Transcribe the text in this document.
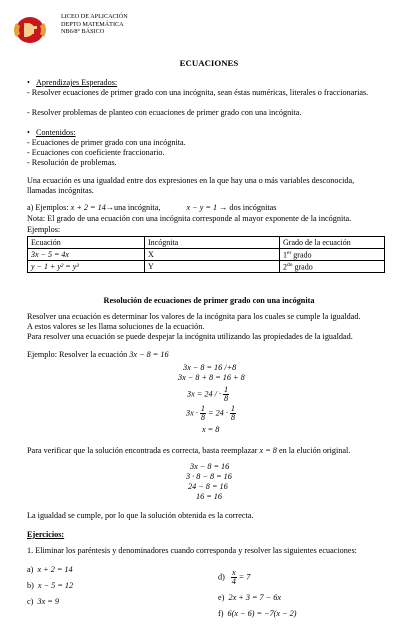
LICEO DE APLICACIÓN
DEPTO MATEMÁTICA
NB6/8° BÁSICO
ECUACIONES
• Aprendizajes Esperados:
- Resolver ecuaciones de primer grado con una incógnita, sean éstas numéricas, literales o fraccionarias.
- Resolver problemas de planteo con ecuaciones de primer grado con una incógnita.
• Contenidos:
- Ecuaciones de primer grado con una incógnita.
- Ecuaciones con coeficiente fraccionario.
- Resolución de problemas.
Una ecuación es una igualdad entre dos expresiones en la que hay una o más variables desconocida, llamadas incógnitas.
a) Ejemplos: x + 2 = 14→una incógnita,	x − y = 1 → dos incógnitas
Nota: El grado de una ecuación con una incógnita corresponde al mayor exponente de la incógnita.
Ejemplos:
Ecuación	Incógnita	Grado de la ecuación
3x − 5 = 4x	X	1er grado
y − 1 + y² = y³	Y	$2^{do}$ grado
Resolución de ecuaciones de primer grado con una incógnita
Resolver una ecuación es determinar los valores de la incógnita para los cuales se cumple la igualdad.
A estos valores se les llama soluciones de la ecuación.
Para resolver una ecuación se puede despejar la incógnita utilizando las propiedades de la igualdad.
Ejemplo: Resolver la ecuación 3x − 8 = 16
3x − 8 = 16 /+8
3x − 8 + 8 = 16 + 8
3x = 24 / · $\frac{1}{8}$
$3x \cdot \frac{1}{8} = 24 \cdot \frac{1}{8}$
x = 8
Para verificar que la solución encontrada es correcta, basta reemplazar x = 8 en la elución original.
3x − 8 = 16
3 · 8 − 8 = 16
24 − 8 = 16
16 = 16
La igualdad se cumple, por lo que la solución obtenida es la correcta.
Ejercicios:
1. Eliminar los paréntesis y denominadores cuando corresponda y resolver las siguientes ecuaciones:
a) x + 2 = 14
b) x − 5 = 12
c) 3x = 9
$d) \frac{x}{4} = 7$
e) 2x + 3 = 7 − 6x
f) 6(x − 6) = −7(x − 2)
